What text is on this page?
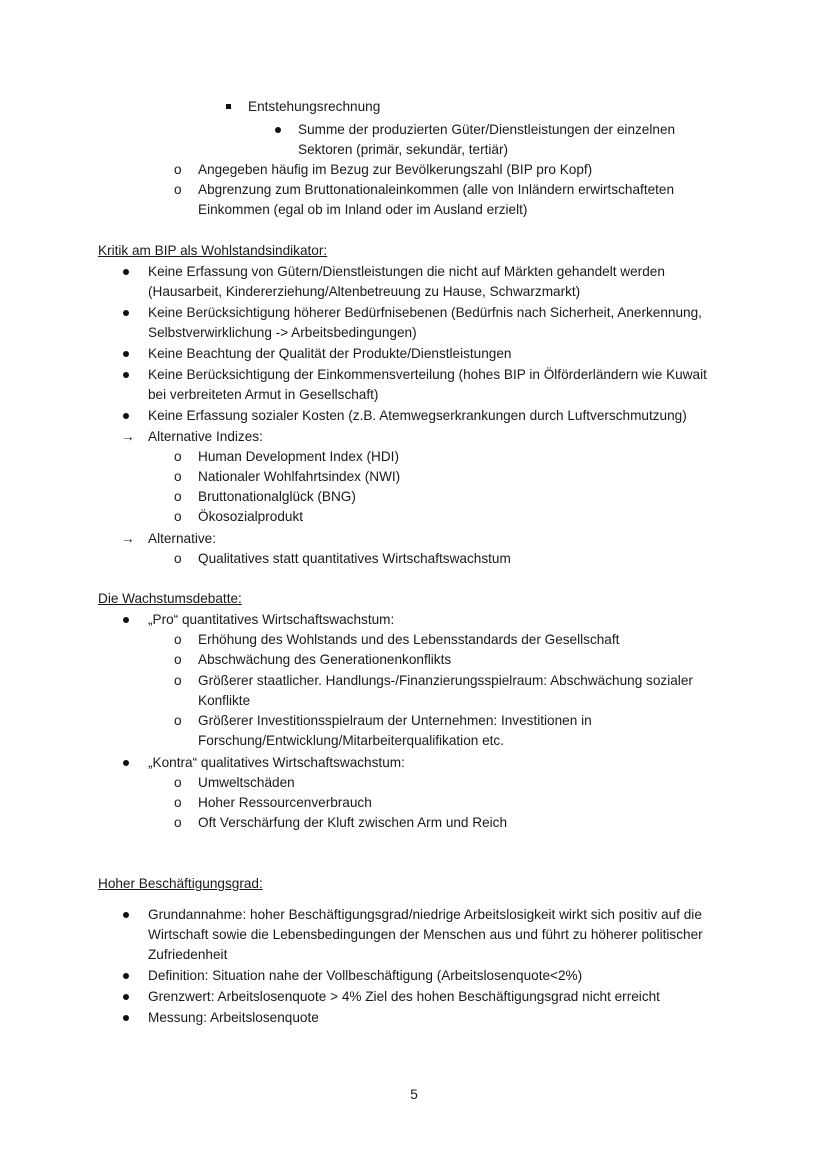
Entstehungsrechnung
Summe der produzierten Güter/Dienstleistungen der einzelnen
Sektoren (primär, sekundär, tertiär)
o Angegeben häufig im Bezug zur Bevölkerungszahl (BIP pro Kopf)
o Abgrenzung zum Bruttonationaleinkommen (alle von Inländern erwirtschafteten
Einkommen (egal ob im Inland oder im Ausland erzielt)
Kritik am BIP als Wohlstandsindikator:
Keine Erfassung von Gütern/Dienstleistungen die nicht auf Märkten gehandelt werden
(Hausarbeit, Kindererziehung/Altenbetreuung zu Hause, Schwarzmarkt)
Keine Berücksichtigung höherer Bedürfnisebenen (Bedürfnis nach Sicherheit, Anerkennung,
Selbstverwirklichung -> Arbeitsbedingungen)
Keine Beachtung der Qualität der Produkte/Dienstleistungen
Keine Berücksichtigung der Einkommensverteilung (hohes BIP in Ölförderländern wie Kuwait
bei verbreiteten Armut in Gesellschaft)
Keine Erfassung sozialer Kosten (z.B. Atemwegserkrankungen durch Luftverschmutzung)
→ Alternative Indizes:
o Human Development Index (HDI)
o Nationaler Wohlfahrtsindex (NWI)
o Bruttonationalglück (BNG)
o Ökosozialprodukt
→ Alternative:
o Qualitatives statt quantitatives Wirtschaftswachstum
Die Wachstumsdebatte:
„Pro“ quantitatives Wirtschaftswachstum:
o Erhöhung des Wohlstands und des Lebensstandards der Gesellschaft
o Abschwächung des Generationenkonflikts
o Größerer staatlicher. Handlungs-/Finanzierungsspielraum: Abschwächung sozialer
Konflikte
o Größerer Investitionsspielraum der Unternehmen: Investitionen in
Forschung/Entwicklung/Mitarbeiterqualifikation etc.
„Kontra“ qualitatives Wirtschaftswachstum:
o Umweltschäden
o Hoher Ressourcenverbrauch
o Oft Verschärfung der Kluft zwischen Arm und Reich
Hoher Beschäftigungsgrad:
Grundannahme: hoher Beschäftigungsgrad/niedrige Arbeitslosigkeit wirkt sich positiv auf die
Wirtschaft sowie die Lebensbedingungen der Menschen aus und führt zu höherer politischer
Zufriedenheit
Definition: Situation nahe der Vollbeschäftigung (Arbeitslosenquote<2%)
Grenzwert: Arbeitslosenquote > 4% Ziel des hohen Beschäftigungsgrad nicht erreicht
Messung: Arbeitslosenquote
5
